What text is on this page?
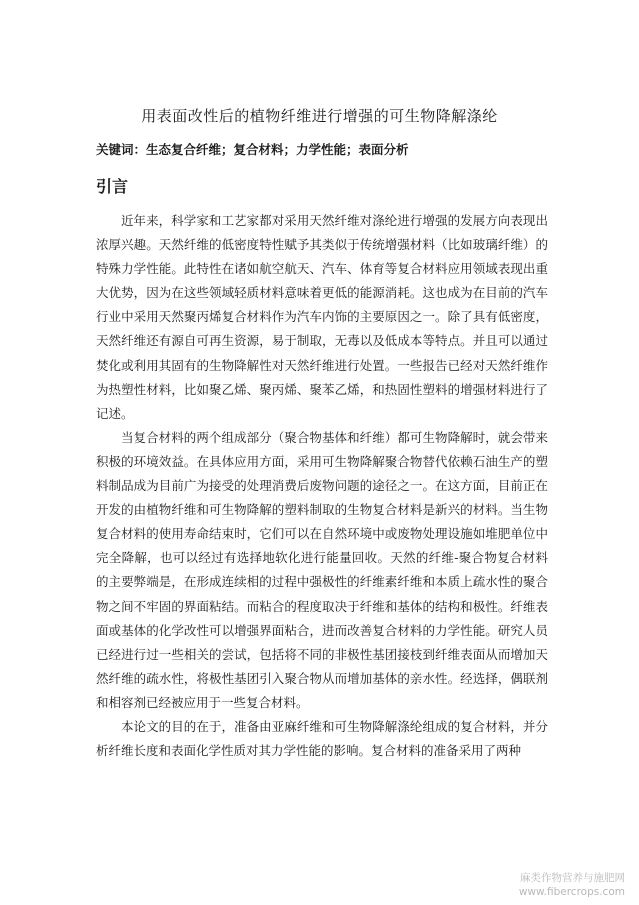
用表面改性后的植物纤维进行增强的可生物降解涤纶
关键词：生态复合纤维；复合材料；力学性能；表面分析
引言

近年来，科学家和工艺家都对采用天然纤维对涤纶进行增强的发展方向表现出浓厚兴趣。天然纤维的低密度特性赋予其类似于传统增强材料（比如玻璃纤维）的特殊力学性能。此特性在诸如航空航天、汽车、体育等复合材料应用领域表现出重大优势，因为在这些领域轻质材料意味着更低的能源消耗。这也成为在目前的汽车行业中采用天然聚丙烯复合材料作为汽车内饰的主要原因之一。除了具有低密度，天然纤维还有源自可再生资源，易于制取，无毒以及低成本等特点。并且可以通过焚化或利用其固有的生物降解性对天然纤维进行处置。一些报告已经对天然纤维作为热塑性材料，比如聚乙烯、聚丙烯、聚苯乙烯，和热固性塑料的增强材料进行了记述。

当复合材料的两个组成部分（聚合物基体和纤维）都可生物降解时，就会带来积极的环境效益。在具体应用方面，采用可生物降解聚合物替代依赖石油生产的塑料制品成为目前广为接受的处理消费后废物问题的途径之一。在这方面，目前正在开发的由植物纤维和可生物降解的塑料制取的生物复合材料是新兴的材料。当生物复合材料的使用寿命结束时，它们可以在自然环境中或废物处理设施如堆肥单位中完全降解，也可以经过有选择地软化进行能量回收。天然的纤维-聚合物复合材料的主要弊端是，在形成连续相的过程中强极性的纤维素纤维和本质上疏水性的聚合物之间不牢固的界面粘结。而粘合的程度取决于纤维和基体的结构和极性。纤维表面或基体的化学改性可以增强界面粘合，进而改善复合材料的力学性能。研究人员已经进行过一些相关的尝试，包括将不同的非极性基团接枝到纤维表面从而增加天然纤维的疏水性，将极性基团引入聚合物从而增加基体的亲水性。经选择，偶联剂和相容剂已经被应用于一些复合材料。

本论文的目的在于，准备由亚麻纤维和可生物降解涤纶组成的复合材料，并分析纤维长度和表面化学性质对其力学性能的影响。复合材料的准备采用了两种

麻类作物营养与施肥网
www.fibercrops.com
